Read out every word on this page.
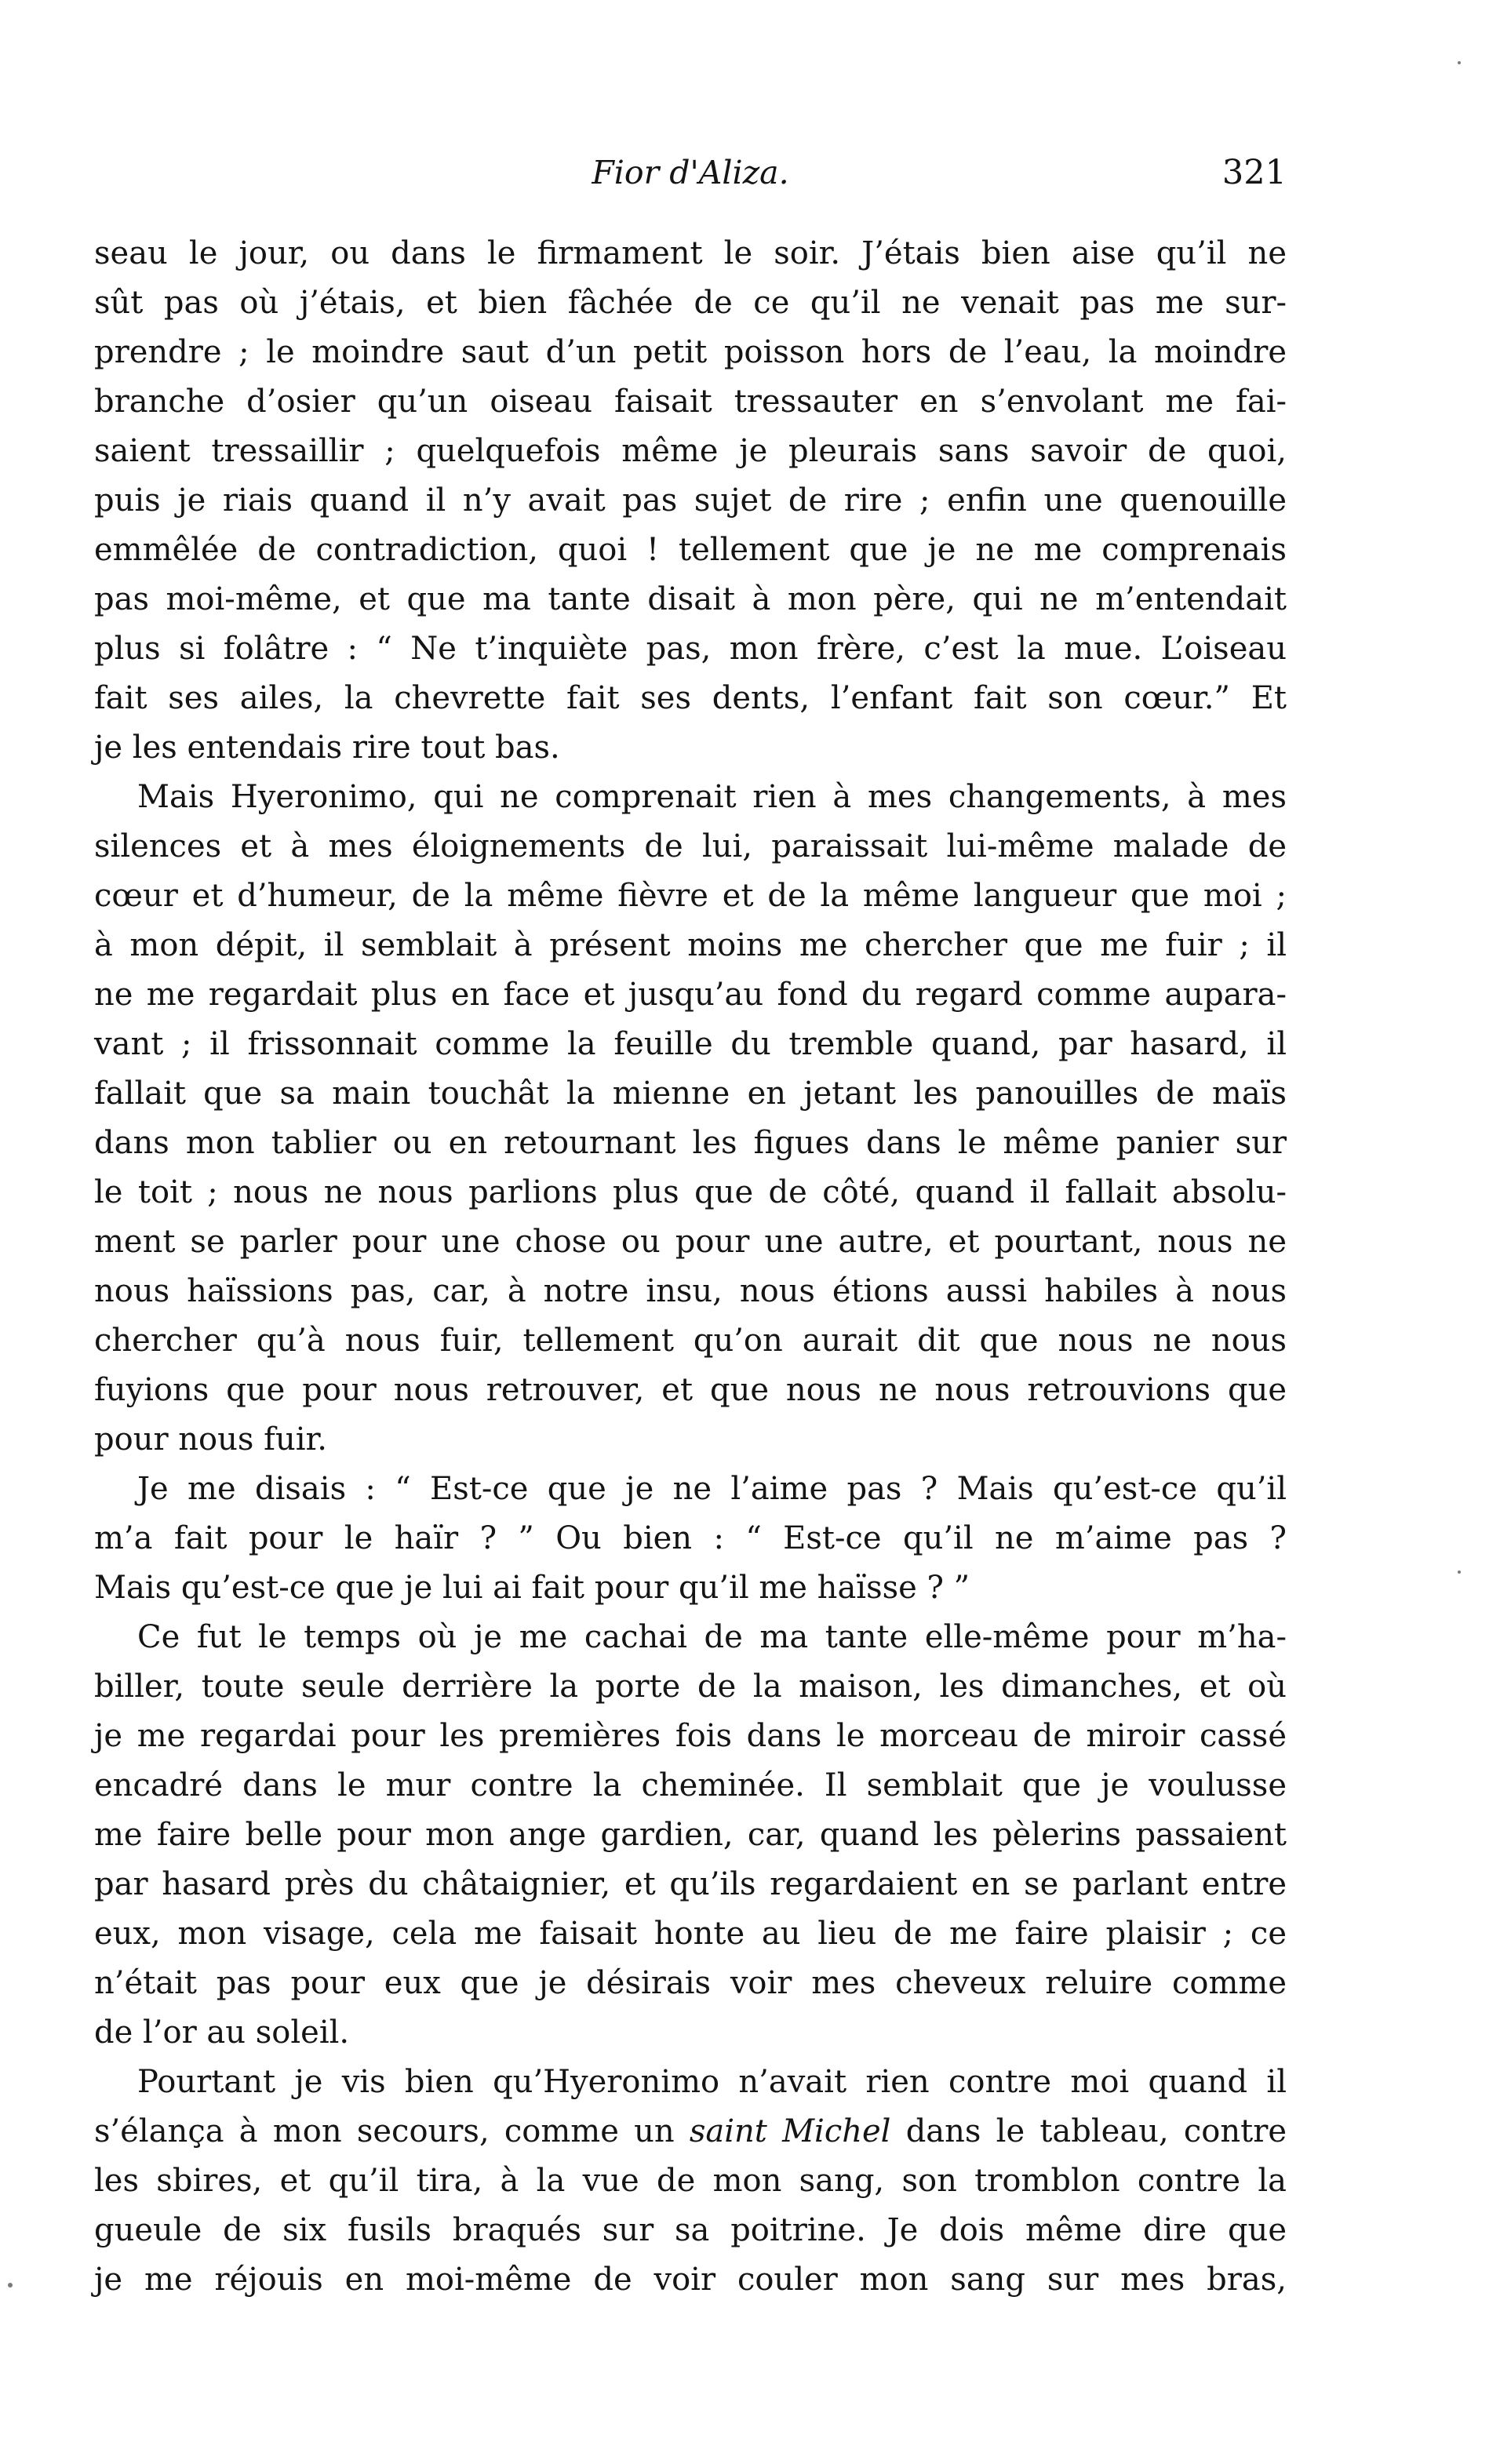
Fior d'Aliza.	321
seau le jour, ou dans le firmament le soir. J’étais bien aise qu’il ne
sût pas où j’étais, et bien fâchée de ce qu’il ne venait pas me sur-
prendre ; le moindre saut d’un petit poisson hors de l’eau, la moindre
branche d’osier qu’un oiseau faisait tressauter en s’envolant me fai-
saient tressaillir ; quelquefois même je pleurais sans savoir de quoi,
puis je riais quand il n’y avait pas sujet de rire ; enfin une quenouille
emmêlée de contradiction, quoi ! tellement que je ne me comprenais
pas moi-même, et que ma tante disait à mon père, qui ne m’entendait
plus si folâtre : “ Ne t’inquiète pas, mon frère, c’est la mue. L’oiseau
fait ses ailes, la chevrette fait ses dents, l’enfant fait son cœur.” Et
je les entendais rire tout bas.
Mais Hyeronimo, qui ne comprenait rien à mes changements, à mes
silences et à mes éloignements de lui, paraissait lui-même malade de
cœur et d’humeur, de la même fièvre et de la même langueur que moi ;
à mon dépit, il semblait à présent moins me chercher que me fuir ; il
ne me regardait plus en face et jusqu’au fond du regard comme aupara-
vant ; il frissonnait comme la feuille du tremble quand, par hasard, il
fallait que sa main touchât la mienne en jetant les panouilles de maïs
dans mon tablier ou en retournant les figues dans le même panier sur
le toit ; nous ne nous parlions plus que de côté, quand il fallait absolu-
ment se parler pour une chose ou pour une autre, et pourtant, nous ne
nous haïssions pas, car, à notre insu, nous étions aussi habiles à nous
chercher qu’à nous fuir, tellement qu’on aurait dit que nous ne nous
fuyions que pour nous retrouver, et que nous ne nous retrouvions que
pour nous fuir.
Je me disais : “ Est-ce que je ne l’aime pas ? Mais qu’est-ce qu’il
m’a fait pour le haïr ? ” Ou bien : “ Est-ce qu’il ne m’aime pas ?
Mais qu’est-ce que je lui ai fait pour qu’il me haïsse ? ”
Ce fut le temps où je me cachai de ma tante elle-même pour m’ha-
biller, toute seule derrière la porte de la maison, les dimanches, et où
je me regardai pour les premières fois dans le morceau de miroir cassé
encadré dans le mur contre la cheminée. Il semblait que je voulusse
me faire belle pour mon ange gardien, car, quand les pèlerins passaient
par hasard près du châtaignier, et qu’ils regardaient en se parlant entre
eux, mon visage, cela me faisait honte au lieu de me faire plaisir ; ce
n’était pas pour eux que je désirais voir mes cheveux reluire comme
de l’or au soleil.
Pourtant je vis bien qu’Hyeronimo n’avait rien contre moi quand il
s’élança à mon secours, comme un saint Michel dans le tableau, contre
les sbires, et qu’il tira, à la vue de mon sang, son tromblon contre la
gueule de six fusils braqués sur sa poitrine. Je dois même dire que
je me réjouis en moi-même de voir couler mon sang sur mes bras,
